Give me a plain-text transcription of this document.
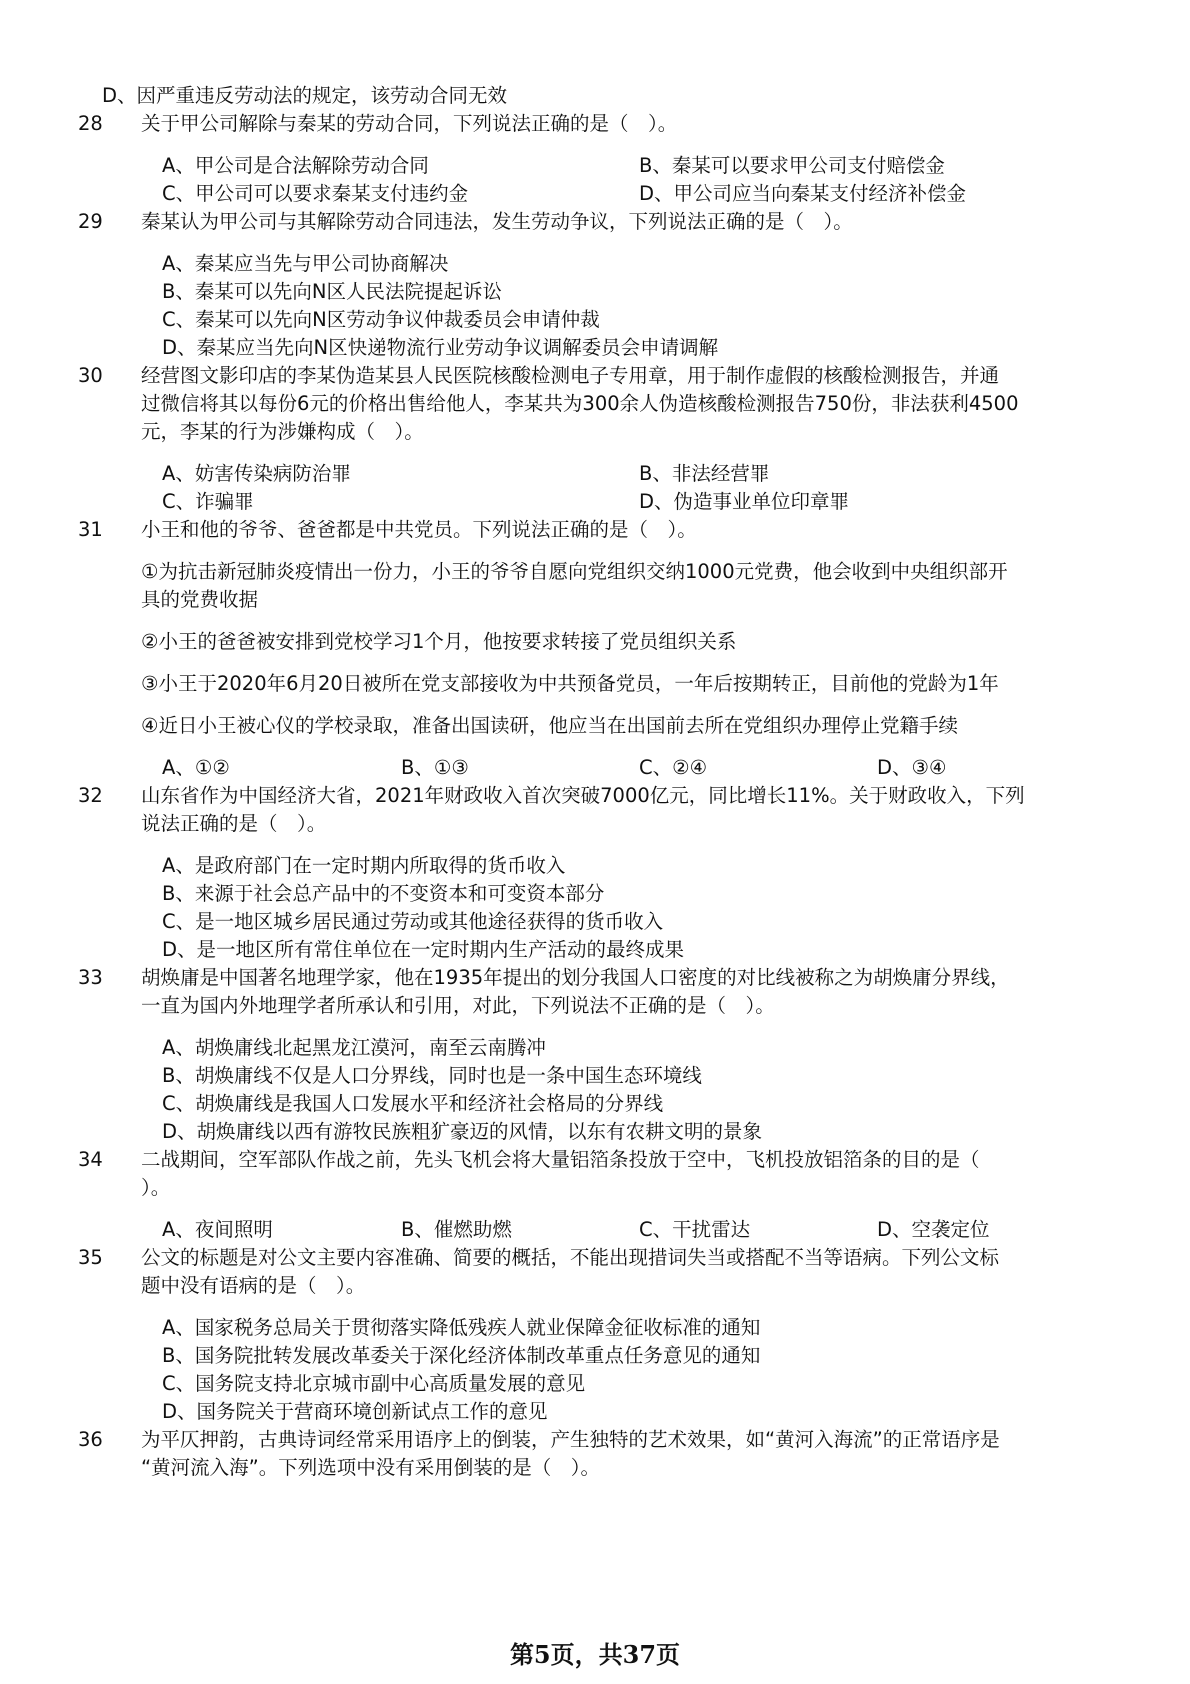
D、因严重违反劳动法的规定，该劳动合同无效
28	关于甲公司解除与秦某的劳动合同，下列说法正确的是（　）。
A、甲公司是合法解除劳动合同	B、秦某可以要求甲公司支付赔偿金
C、甲公司可以要求秦某支付违约金	D、甲公司应当向秦某支付经济补偿金
29	秦某认为甲公司与其解除劳动合同违法，发生劳动争议，下列说法正确的是（　）。
A、秦某应当先与甲公司协商解决
B、秦某可以先向N区人民法院提起诉讼
C、秦某可以先向N区劳动争议仲裁委员会申请仲裁
D、秦某应当先向N区快递物流行业劳动争议调解委员会申请调解
30	经营图文影印店的李某伪造某县人民医院核酸检测电子专用章，用于制作虚假的核酸检测报告，并通
过微信将其以每份6元的价格出售给他人，李某共为300余人伪造核酸检测报告750份，非法获利4500
元，李某的行为涉嫌构成（　）。
A、妨害传染病防治罪	B、非法经营罪
C、诈骗罪	D、伪造事业单位印章罪
31	小王和他的爷爷、爸爸都是中共党员。下列说法正确的是（　）。
①为抗击新冠肺炎疫情出一份力，小王的爷爷自愿向党组织交纳1000元党费，他会收到中央组织部开
具的党费收据
②小王的爸爸被安排到党校学习1个月，他按要求转接了党员组织关系
③小王于2020年6月20日被所在党支部接收为中共预备党员，一年后按期转正，目前他的党龄为1年
④近日小王被心仪的学校录取，准备出国读研，他应当在出国前去所在党组织办理停止党籍手续
A、①②	B、①③	C、②④	D、③④
32	山东省作为中国经济大省，2021年财政收入首次突破7000亿元，同比增长11%。关于财政收入，下列
说法正确的是（　）。
A、是政府部门在一定时期内所取得的货币收入
B、来源于社会总产品中的不变资本和可变资本部分
C、是一地区城乡居民通过劳动或其他途径获得的货币收入
D、是一地区所有常住单位在一定时期内生产活动的最终成果
33	胡焕庸是中国著名地理学家，他在1935年提出的划分我国人口密度的对比线被称之为胡焕庸分界线，
一直为国内外地理学者所承认和引用，对此，下列说法不正确的是（　）。
A、胡焕庸线北起黑龙江漠河，南至云南腾冲
B、胡焕庸线不仅是人口分界线，同时也是一条中国生态环境线
C、胡焕庸线是我国人口发展水平和经济社会格局的分界线
D、胡焕庸线以西有游牧民族粗犷豪迈的风情，以东有农耕文明的景象
34	二战期间，空军部队作战之前，先头飞机会将大量铝箔条投放于空中，飞机投放铝箔条的目的是（
）。
A、夜间照明	B、催燃助燃	C、干扰雷达	D、空袭定位
35	公文的标题是对公文主要内容准确、简要的概括，不能出现措词失当或搭配不当等语病。下列公文标
题中没有语病的是（　）。
A、国家税务总局关于贯彻落实降低残疾人就业保障金征收标准的通知
B、国务院批转发展改革委关于深化经济体制改革重点任务意见的通知
C、国务院支持北京城市副中心高质量发展的意见
D、国务院关于营商环境创新试点工作的意见
36	为平仄押韵，古典诗词经常采用语序上的倒装，产生独特的艺术效果，如“黄河入海流”的正常语序是
“黄河流入海”。下列选项中没有采用倒装的是（　）。
第5页，共37页
